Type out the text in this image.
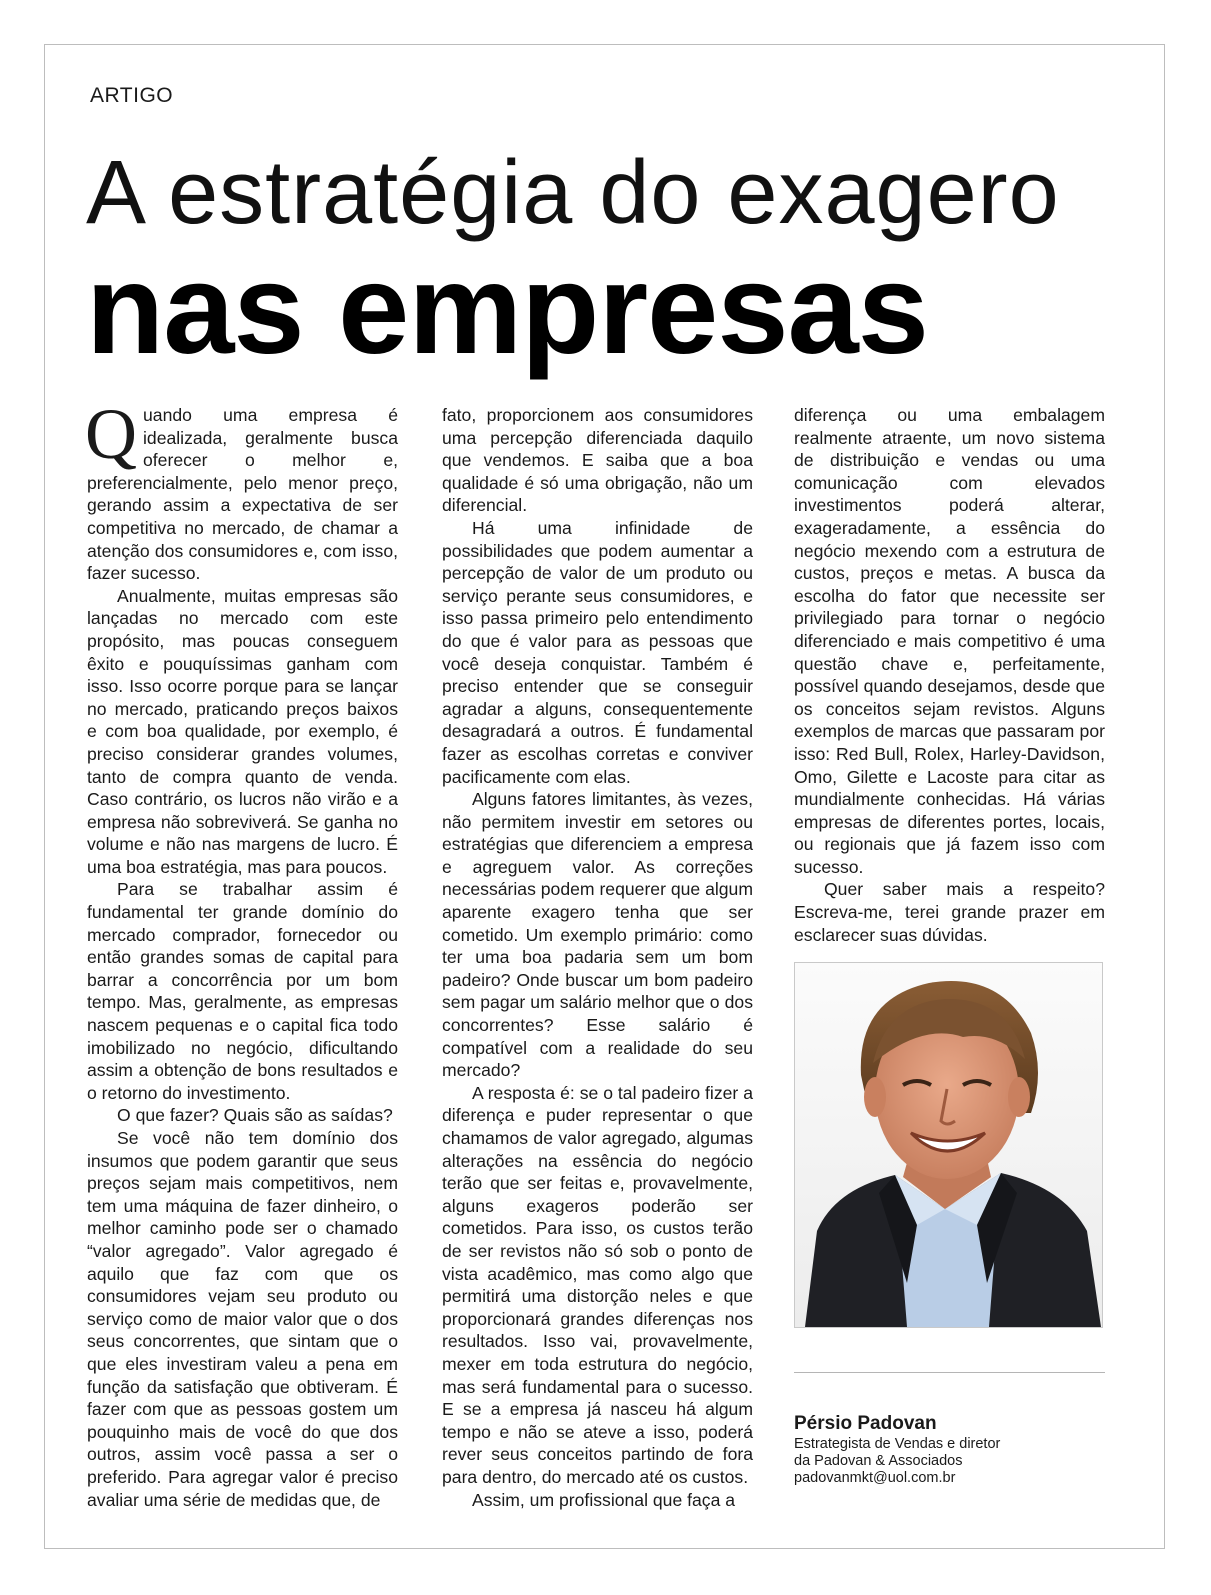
ARTIGO
A estratégia do exagero
nas empresas

Quando uma empresa é idealizada, geralmente busca oferecer o melhor e, preferencialmente, pelo menor preço, gerando assim a expectativa de ser competitiva no mercado, de chamar a atenção dos consumidores e, com isso, fazer sucesso.

Anualmente, muitas empresas são lançadas no mercado com este propósito, mas poucas conseguem êxito e pouquíssimas ganham com isso. Isso ocorre porque para se lançar no mercado, praticando preços baixos e com boa qualidade, por exemplo, é preciso considerar grandes volumes, tanto de compra quanto de venda. Caso contrário, os lucros não virão e a empresa não sobreviverá. Se ganha no volume e não nas margens de lucro. É uma boa estratégia, mas para poucos.

Para se trabalhar assim é fundamental ter grande domínio do mercado comprador, fornecedor ou então grandes somas de capital para barrar a concorrência por um bom tempo. Mas, geralmente, as empresas nascem pequenas e o capital fica todo imobilizado no negócio, dificultando assim a obtenção de bons resultados e o retorno do investimento.

O que fazer? Quais são as saídas?

Se você não tem domínio dos insumos que podem garantir que seus preços sejam mais competitivos, nem tem uma máquina de fazer dinheiro, o melhor caminho pode ser o chamado “valor agregado”. Valor agregado é aquilo que faz com que os consumidores vejam seu produto ou serviço como de maior valor que o dos seus concorrentes, que sintam que o que eles investiram valeu a pena em função da satisfação que obtiveram. É fazer com que as pessoas gostem um pouquinho mais de você do que dos outros, assim você passa a ser o preferido. Para agregar valor é preciso avaliar uma série de medidas que, de

fato, proporcionem aos consumidores uma percepção diferenciada daquilo que vendemos. E saiba que a boa qualidade é só uma obrigação, não um diferencial.

Há uma infinidade de possibilidades que podem aumentar a percepção de valor de um produto ou serviço perante seus consumidores, e isso passa primeiro pelo entendimento do que é valor para as pessoas que você deseja conquistar. Também é preciso entender que se conseguir agradar a alguns, consequentemente desagradará a outros. É fundamental fazer as escolhas corretas e conviver pacificamente com elas.

Alguns fatores limitantes, às vezes, não permitem investir em setores ou estratégias que diferenciem a empresa e agreguem valor. As correções necessárias podem requerer que algum aparente exagero tenha que ser cometido. Um exemplo primário: como ter uma boa padaria sem um bom padeiro? Onde buscar um bom padeiro sem pagar um salário melhor que o dos concorrentes? Esse salário é compatível com a realidade do seu mercado?

A resposta é: se o tal padeiro fizer a diferença e puder representar o que chamamos de valor agregado, algumas alterações na essência do negócio terão que ser feitas e, provavelmente, alguns exageros poderão ser cometidos. Para isso, os custos terão de ser revistos não só sob o ponto de vista acadêmico, mas como algo que permitirá uma distorção neles e que proporcionará grandes diferenças nos resultados. Isso vai, provavelmente, mexer em toda estrutura do negócio, mas será fundamental para o sucesso. E se a empresa já nasceu há algum tempo e não se ateve a isso, poderá rever seus conceitos partindo de fora para dentro, do mercado até os custos.

Assim, um profissional que faça a

diferença ou uma embalagem realmente atraente, um novo sistema de distribuição e vendas ou uma comunicação com elevados investimentos poderá alterar, exageradamente, a essência do negócio mexendo com a estrutura de custos, preços e metas. A busca da escolha do fator que necessite ser privilegiado para tornar o negócio diferenciado e mais competitivo é uma questão chave e, perfeitamente, possível quando desejamos, desde que os conceitos sejam revistos. Alguns exemplos de marcas que passaram por isso: Red Bull, Rolex, Harley-Davidson, Omo, Gilette e Lacoste para citar as mundialmente conhecidas. Há várias empresas de diferentes portes, locais, ou regionais que já fazem isso com sucesso.

Quer saber mais a respeito? Escreva-me, terei grande prazer em esclarecer suas dúvidas.

Pérsio Padovan
Estrategista de Vendas e diretor
da Padovan & Associados
padovanmkt@uol.com.br
